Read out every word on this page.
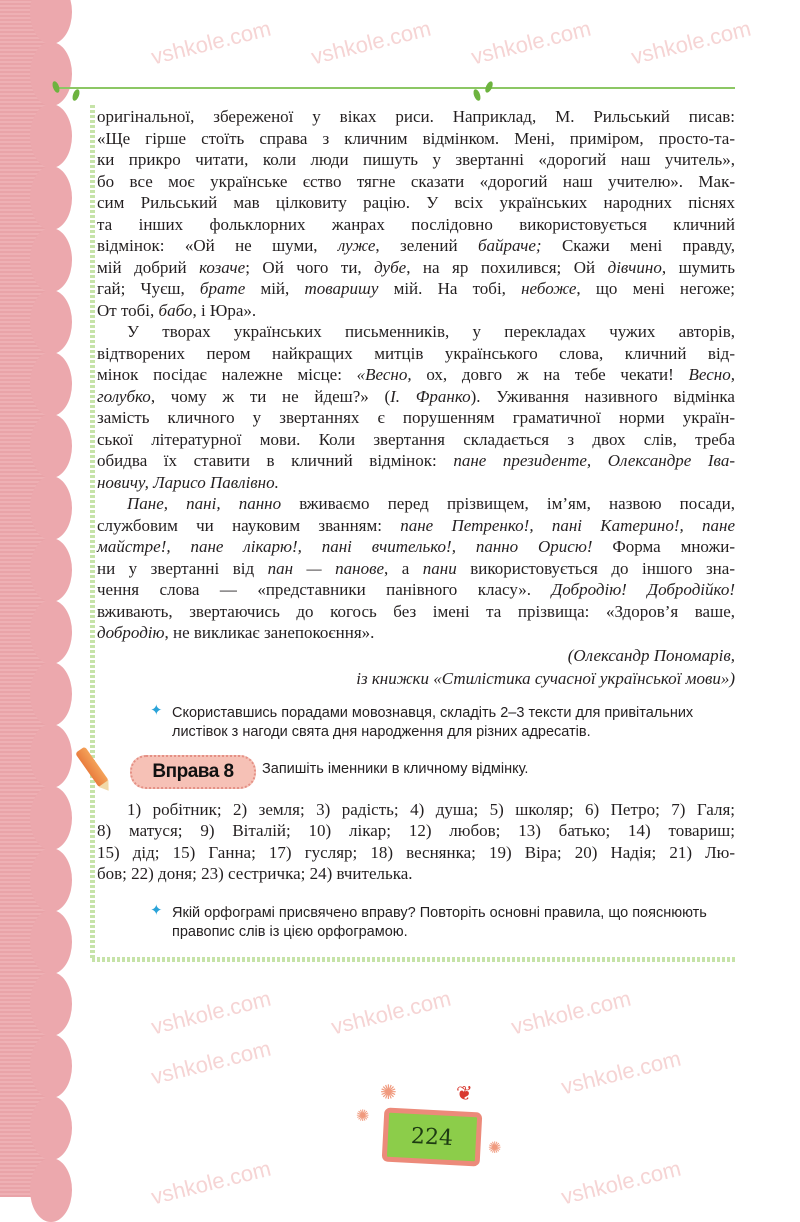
vshkole.com vshkole.com vshkole.com vshkole.com
vshkole.com	vshkole.com	vshkole.com
vshkole.com	vshkole.com
vshkole.com	vshkole.com
оригінальної, збереженої у віках риси. Наприклад, М. Рильський писав:
«Ще гірше стоїть справа з кличним відмінком. Мені, приміром, просто-та-
ки прикро читати, коли люди пишуть у звертанні «дорогий наш учитель»,
бо все моє українське єство тягне сказати «дорогий наш учителю». Мак-
сим Рильський мав цілковиту рацію. У всіх українських народних піснях
та інших фольклорних жанрах послідовно використовується кличний
відмінок: «Ой не шуми, луже, зелений байраче; Скажи мені правду,
мій добрий козаче; Ой чого ти, дубе, на яр похилився; Ой дівчино, шумить
гай; Чуєш, брате мій, товаришу мій. На тобі, небоже, що мені негоже;
От тобі, бабо, і Юра».
У творах українських письменників, у перекладах чужих авторів,
відтворених пером найкращих митців українського слова, кличний від-
мінок посідає належне місце: «Весно, ох, довго ж на тебе чекати! Весно,
голубко, чому ж ти не йдеш?» (І. Франко). Уживання називного відмінка
замість кличного у звертаннях є порушенням граматичної норми україн-
ської літературної мови. Коли звертання складається з двох слів, треба
обидва їх ставити в кличний відмінок: пане президенте, Олександре Іва-
новичу, Ларисо Павлівно.
Пане, пані, панно вживаємо перед прізвищем, ім’ям, назвою посади,
службовим чи науковим званням: пане Петренко!, пані Катерино!, пане
майстре!, пане лікарю!, пані вчителько!, панно Орисю! Форма множи-
ни у звертанні від пан — панове, а пани використовується до іншого зна-
чення слова — «представники панівного класу». Добродію! Добродійко!
вживають, звертаючись до когось без імені та прізвища: «Здоров’я ваше,
добродію, не викликає занепокоєння».
(Олександр Пономарів,
із книжки «Стилістика сучасної української мови»)
✦ Скориставшись порадами мовознавця, складіть 2–3 тексти для привітальних листівок з нагоди свята дня народження для різних адресатів.
Вправа 8	Запишіть іменники в кличному відмінку.
1) робітник; 2) земля; 3) радість; 4) душа; 5) школяр; 6) Петро; 7) Галя;
8) матуся; 9) Віталій; 10) лікар; 12) любов; 13) батько; 14) товариш;
15) дід; 15) Ганна; 17) гусляр; 18) веснянка; 19) Віра; 20) Надія; 21) Лю-
бов; 22) доня; 23) сестричка; 24) вчителька.
✦ Якій орфограмі присвячено вправу? Повторіть основні правила, що пояснюють правопис слів із цією орфограмою.
✺
✺
❦
✺
224
